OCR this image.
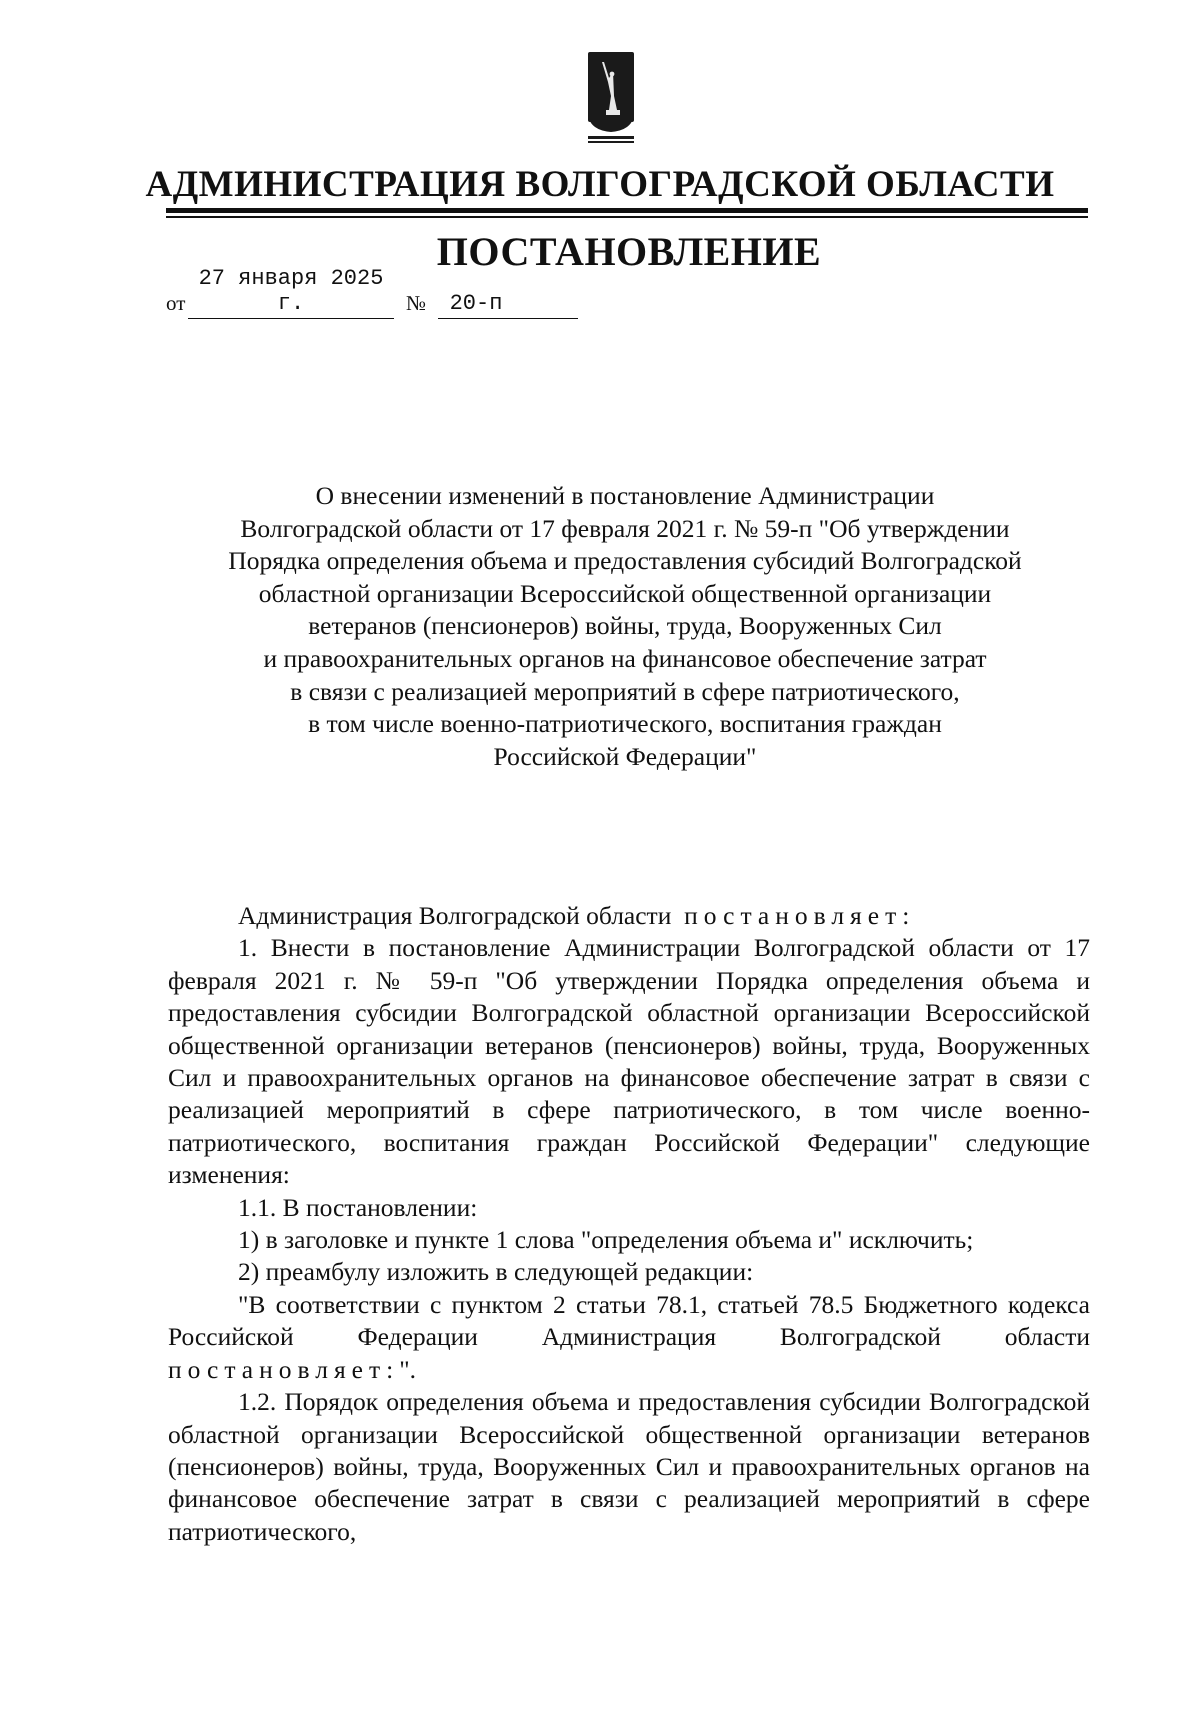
АДМИНИСТРАЦИЯ ВОЛГОГРАДСКОЙ ОБЛАСТИ
ПОСТАНОВЛЕНИЕ
от
27 января 2025 г.	№	20-п
О внесении изменений в постановление Администрации
Волгоградской области от 17 февраля 2021 г. № 59-п "Об утверждении
Порядка определения объема и предоставления субсидий Волгоградской
областной организации Всероссийской общественной организации
ветеранов (пенсионеров) войны, труда, Вооруженных Сил
и правоохранительных органов на финансовое обеспечение затрат
в связи с реализацией мероприятий в сфере патриотического,
в том числе военно-патриотического, воспитания граждан
Российской Федерации"

Администрация Волгоградской области постановляет:

1. Внести в постановление Администрации Волгоградской области от 17 февраля 2021 г. № 59-п "Об утверждении Порядка определения объема и предоставления субсидии Волгоградской областной организации Всероссийской общественной организации ветеранов (пенсионеров) войны, труда, Вооруженных Сил и правоохранительных органов на финансовое обеспечение затрат в связи с реализацией мероприятий в сфере патриотического, в том числе военно-патриотического, воспитания граждан Российской Федерации" следующие изменения:

1.1. В постановлении:

1) в заголовке и пункте 1 слова "определения объема и" исключить;

2) преамбулу изложить в следующей редакции:

"В соответствии с пунктом 2 статьи 78.1, статьей 78.5 Бюджетного кодекса Российской Федерации Администрация Волгоградской области постановляет:".

1.2. Порядок определения объема и предоставления субсидии Волгоградской областной организации Всероссийской общественной организации ветеранов (пенсионеров) войны, труда, Вооруженных Сил и правоохранительных органов на финансовое обеспечение затрат в связи с реализацией мероприятий в сфере патриотического,
